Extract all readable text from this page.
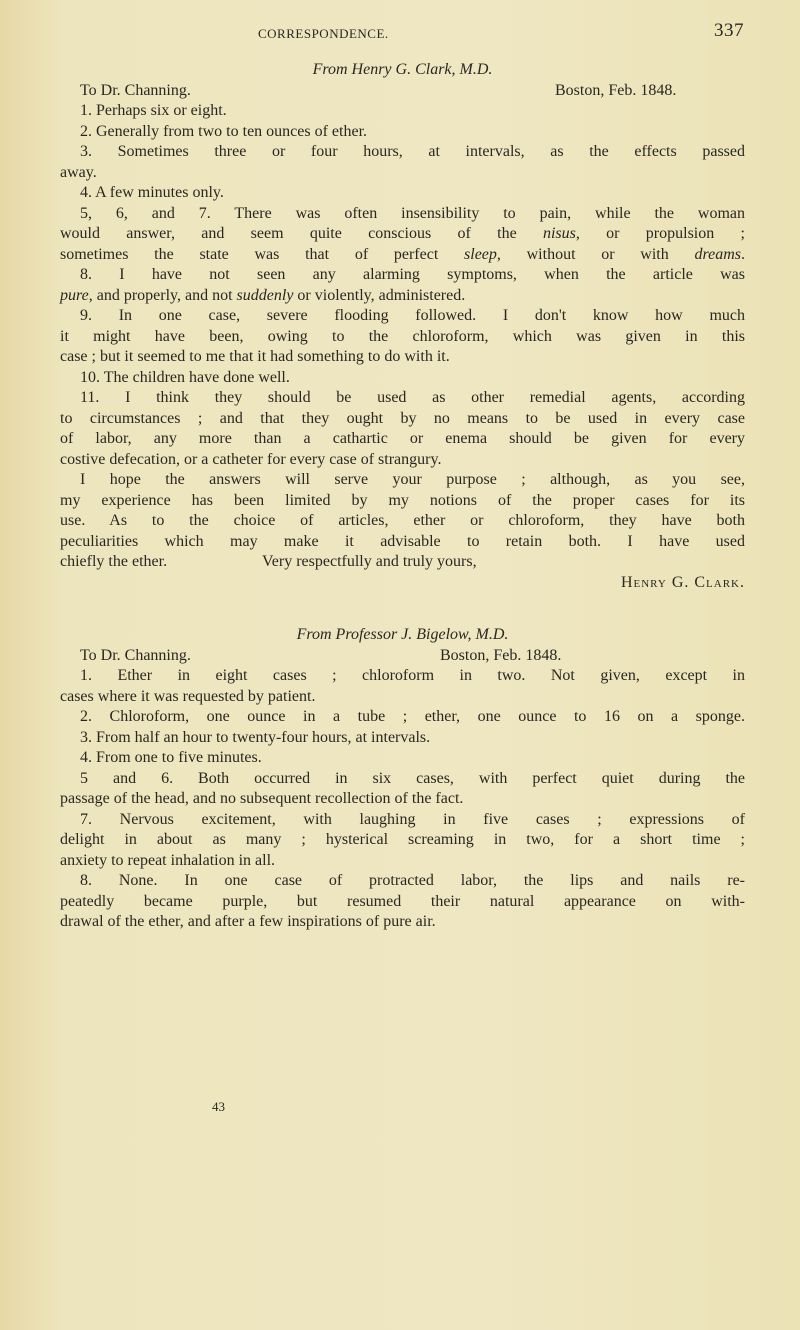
CORRESPONDENCE.	337
From Henry G. Clark, M.D.
To Dr. Channing.	Boston, Feb. 1848.
1. Perhaps six or eight.
2. Generally from two to ten ounces of ether.
3. Sometimes three or four hours, at intervals, as the effects passed
away.
4. A few minutes only.
5, 6, and 7. There was often insensibility to pain, while the woman
would answer, and seem quite conscious of the nisus, or propulsion ;
sometimes the state was that of perfect sleep, without or with dreams.
8. I have not seen any alarming symptoms, when the article was
pure, and properly, and not suddenly or violently, administered.
9. In one case, severe flooding followed. I don't know how much
it might have been, owing to the chloroform, which was given in this
case ; but it seemed to me that it had something to do with it.
10. The children have done well.
11. I think they should be used as other remedial agents, according
to circumstances ; and that they ought by no means to be used in every case
of labor, any more than a cathartic or enema should be given for every
costive defecation, or a catheter for every case of strangury.
I hope the answers will serve your purpose ; although, as you see,
my experience has been limited by my notions of the proper cases for its
use. As to the choice of articles, ether or chloroform, they have both
peculiarities which may make it advisable to retain both. I have used
chiefly the ether.	Very respectfully and truly yours,
Henry G. Clark.
From Professor J. Bigelow, M.D.
To Dr. Channing.	Boston, Feb. 1848.
1. Ether in eight cases ; chloroform in two. Not given, except in
cases where it was requested by patient.
2. Chloroform, one ounce in a tube ; ether, one ounce to 16 on a sponge.
3. From half an hour to twenty-four hours, at intervals.
4. From one to five minutes.
5 and 6. Both occurred in six cases, with perfect quiet during the
passage of the head, and no subsequent recollection of the fact.
7. Nervous excitement, with laughing in five cases ; expressions of
delight in about as many ; hysterical screaming in two, for a short time ;
anxiety to repeat inhalation in all.
8. None. In one case of protracted labor, the lips and nails re-
peatedly became purple, but resumed their natural appearance on with-
drawal of the ether, and after a few inspirations of pure air.
43
